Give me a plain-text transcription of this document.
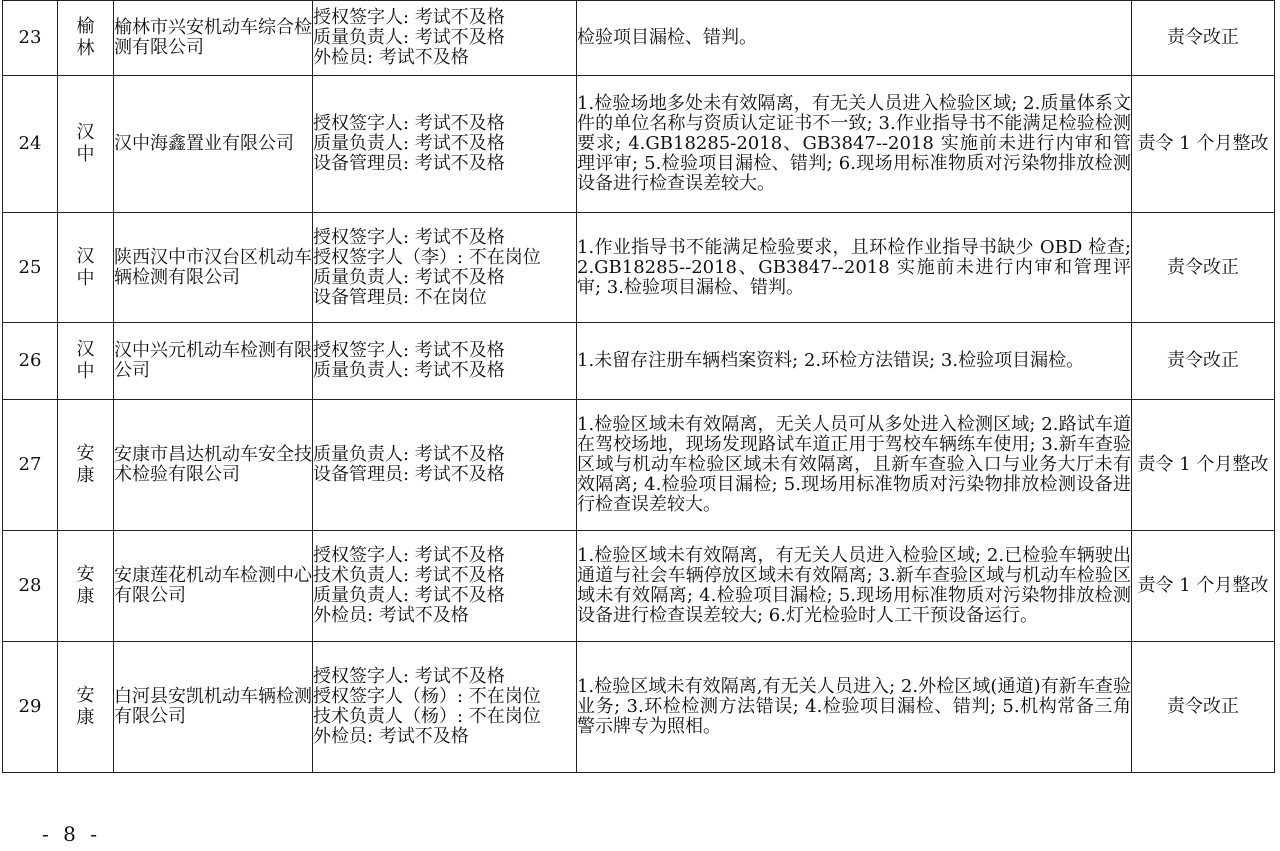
23	榆林	榆林市兴安机动车综合检测有限公司	授权签字人: 考试不及格
质量负责人: 考试不及格
外检员: 考试不及格	检验项目漏检、错判。	责令改正
24	汉中	汉中海鑫置业有限公司	授权签字人: 考试不及格
质量负责人: 考试不及格
设备管理员: 考试不及格	1.检验场地多处未有效隔离，有无关人员进入检验区域; 2.质量体系文件的单位名称与资质认定证书不一致; 3.作业指导书不能满足检验检测要求; 4.GB18285-2018、GB3847--2018 实施前未进行内审和管理评审; 5.检验项目漏检、错判; 6.现场用标准物质对污染物排放检测设备进行检查误差较大。	责令 1 个月整改
25	汉中	陕西汉中市汉台区机动车辆检测有限公司	授权签字人: 考试不及格
授权签字人（李）: 不在岗位
质量负责人: 考试不及格
设备管理员: 不在岗位	1.作业指导书不能满足检验要求，且环检作业指导书缺少 OBD 检查; 2.GB18285--2018、GB3847--2018 实施前未进行内审和管理评审; 3.检验项目漏检、错判。	责令改正
26	汉中	汉中兴元机动车检测有限公司	授权签字人: 考试不及格
质量负责人: 考试不及格	1.未留存注册车辆档案资料; 2.环检方法错误; 3.检验项目漏检。	责令改正
27	安康	安康市昌达机动车安全技术检验有限公司	质量负责人: 考试不及格
设备管理员: 考试不及格	1.检验区域未有效隔离，无关人员可从多处进入检测区域; 2.路试车道在驾校场地，现场发现路试车道正用于驾校车辆练车使用; 3.新车查验区域与机动车检验区域未有效隔离，且新车查验入口与业务大厅未有效隔离; 4.检验项目漏检; 5.现场用标准物质对污染物排放检测设备进行检查误差较大。	责令 1 个月整改
28	安康	安康莲花机动车检测中心有限公司	授权签字人: 考试不及格
技术负责人: 考试不及格
质量负责人: 考试不及格
外检员: 考试不及格	1.检验区域未有效隔离，有无关人员进入检验区域; 2.已检验车辆驶出通道与社会车辆停放区域未有效隔离; 3.新车查验区域与机动车检验区域未有效隔离; 4.检验项目漏检; 5.现场用标准物质对污染物排放检测设备进行检查误差较大; 6.灯光检验时人工干预设备运行。	责令 1 个月整改
29	安康	白河县安凯机动车辆检测有限公司	授权签字人: 考试不及格
授权签字人（杨）: 不在岗位
技术负责人（杨）: 不在岗位
外检员: 考试不及格	1.检验区域未有效隔离,有无关人员进入; 2.外检区域(通道)有新车查验业务; 3.环检检测方法错误; 4.检验项目漏检、错判; 5.机构常备三角警示牌专为照相。	责令改正
- 8 -
